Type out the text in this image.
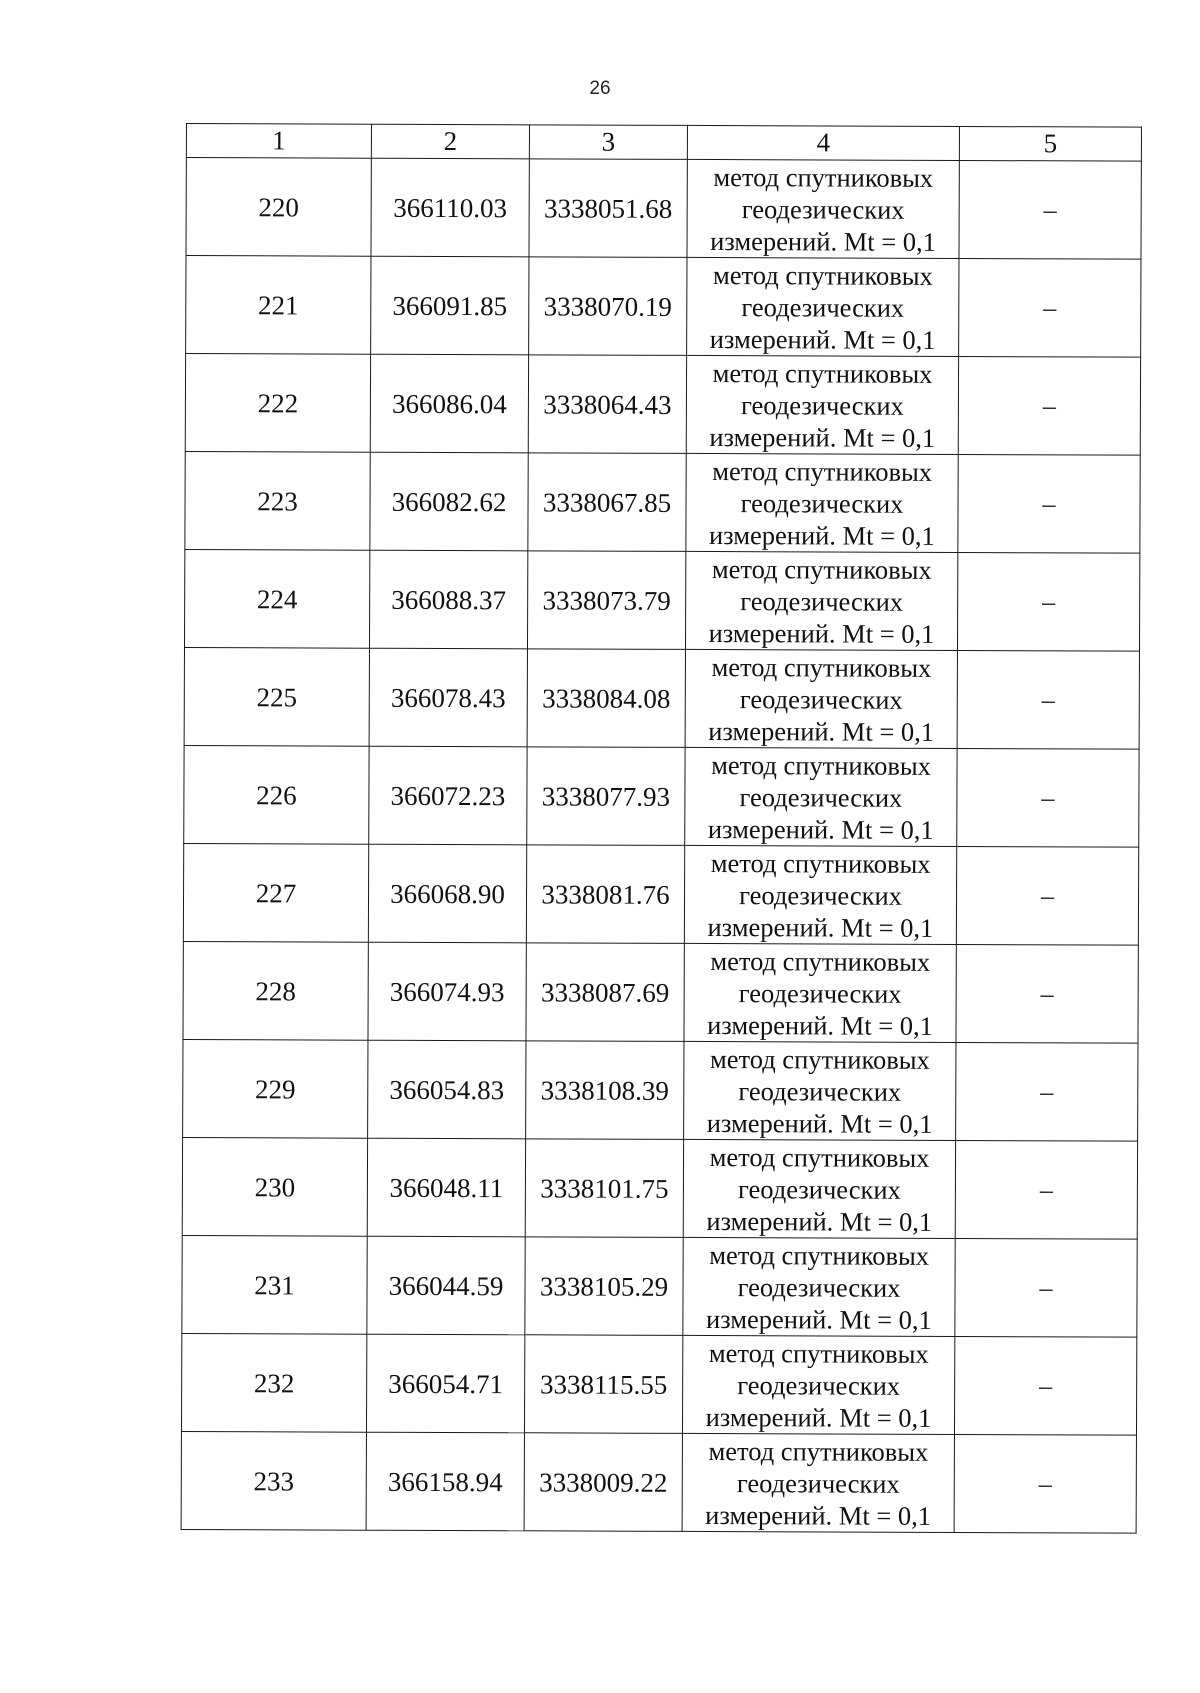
26
1	2	3	4	5
220	366110.03	3338051.68	метод спутниковых геодезических измерений. Mt = 0,1	–
221	366091.85	3338070.19	метод спутниковых геодезических измерений. Mt = 0,1	–
222	366086.04	3338064.43	метод спутниковых геодезических измерений. Mt = 0,1	–
223	366082.62	3338067.85	метод спутниковых геодезических измерений. Mt = 0,1	–
224	366088.37	3338073.79	метод спутниковых геодезических измерений. Mt = 0,1	–
225	366078.43	3338084.08	метод спутниковых геодезических измерений. Mt = 0,1	–
226	366072.23	3338077.93	метод спутниковых геодезических измерений. Mt = 0,1	–
227	366068.90	3338081.76	метод спутниковых геодезических измерений. Mt = 0,1	–
228	366074.93	3338087.69	метод спутниковых геодезических измерений. Mt = 0,1	–
229	366054.83	3338108.39	метод спутниковых геодезических измерений. Mt = 0,1	–
230	366048.11	3338101.75	метод спутниковых геодезических измерений. Mt = 0,1	–
231	366044.59	3338105.29	метод спутниковых геодезических измерений. Mt = 0,1	–
232	366054.71	3338115.55	метод спутниковых геодезических измерений. Mt = 0,1	–
233	366158.94	3338009.22	метод спутниковых геодезических измерений. Mt = 0,1	–
